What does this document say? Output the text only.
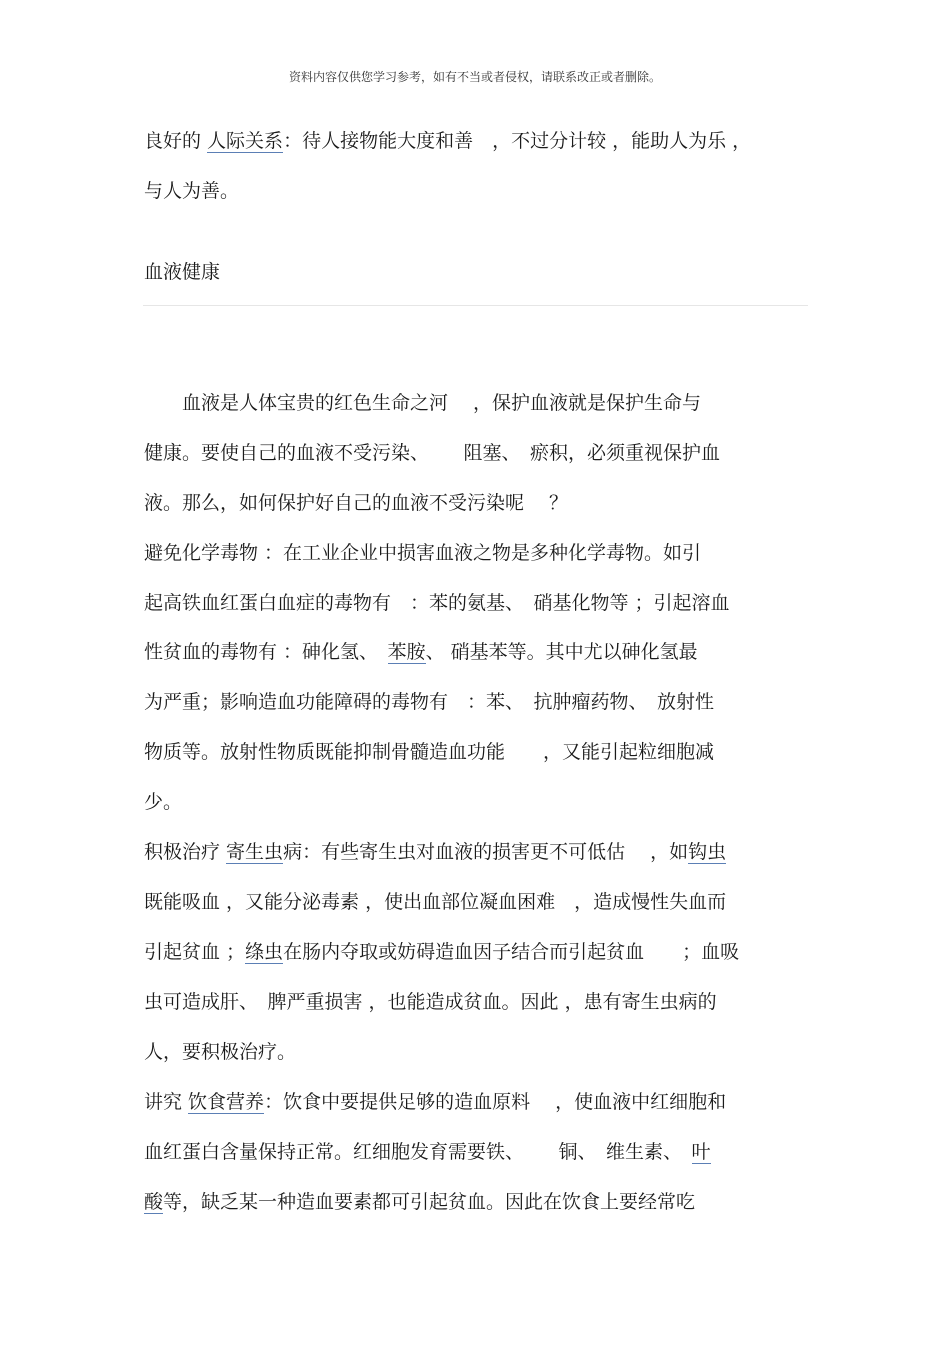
资料内容仅供您学习参考，如有不当或者侵权，请联系改正或者删除。
良好的 人际关系：待人接物能大度和善　，不过分计较 ，能助人为乐 ，
与人为善。
　　血液是人体宝贵的红色生命之河　 ，保护血液就是保护生命与
健康。要使自己的血液不受污染、　　 阻塞、　瘀积，必须重视保护血
液。那么，如何保护好自己的血液不受污染呢　 ？
避免化学毒物 ：在工业企业中损害血液之物是多种化学毒物。如引
起高铁血红蛋白血症的毒物有　：苯的氨基、　硝基化物等 ；引起溶血
性贫血的毒物有 ：砷化氢、　苯胺、 硝基苯等。其中尤以砷化氢最
为严重；影响造血功能障碍的毒物有　：苯、　抗肿瘤药物、　放射性
物质等。放射性物质既能抑制骨髓造血功能　　，又能引起粒细胞减
少。
积极治疗 寄生虫病：有些寄生虫对血液的损害更不可低估　 ，如钩虫
既能吸血 ，又能分泌毒素 ，使出血部位凝血困难　，造成慢性失血而
引起贫血 ；绦虫在肠内夺取或妨碍造血因子结合而引起贫血　　；血吸
虫可造成肝、　脾严重损害 ，也能造成贫血。因此 ，患有寄生虫病的
人，要积极治疗。
讲究 饮食营养：饮食中要提供足够的造血原料　 ，使血液中红细胞和
血红蛋白含量保持正常。红细胞发育需要铁、　　 铜、　维生素、　叶
酸等，缺乏某一种造血要素都可引起贫血。因此在饮食上要经常吃
血液健康
